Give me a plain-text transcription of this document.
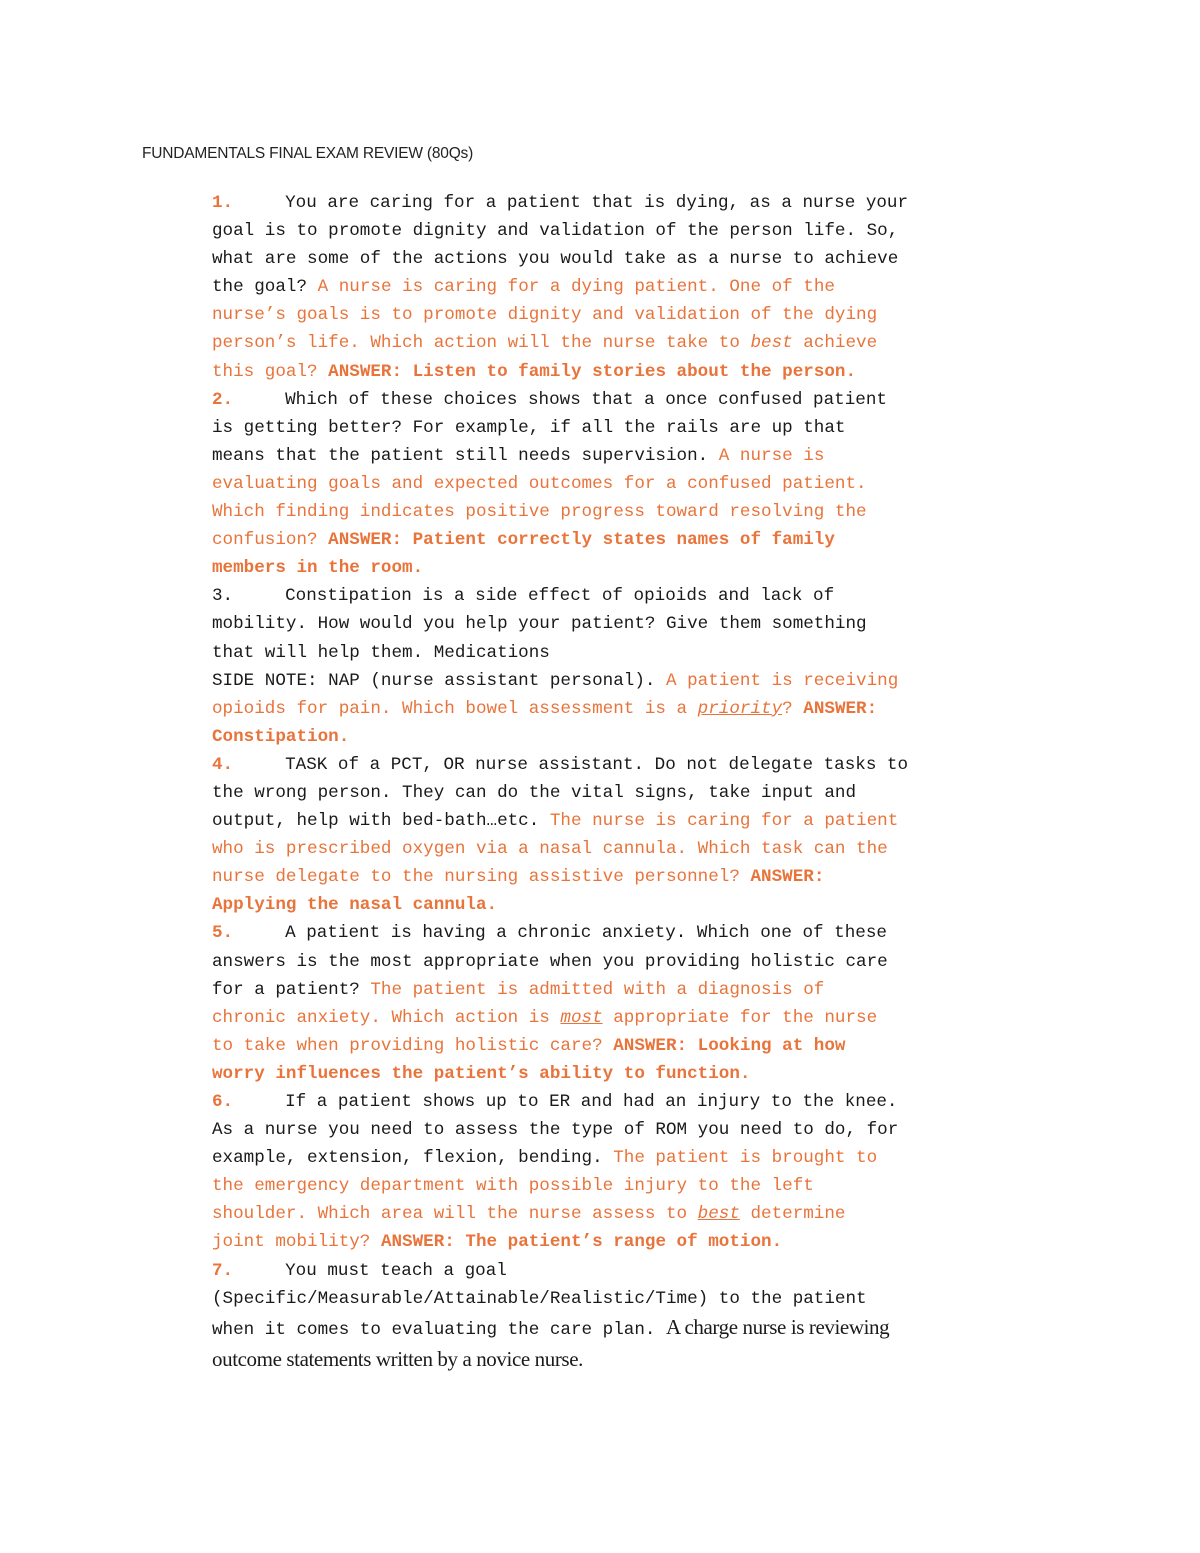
FUNDAMENTALS FINAL EXAM REVIEW (80Qs)
1.	You are caring for a patient that is dying, as a nurse your
goal is to promote dignity and validation of the person life. So,
what are some of the actions you would take as a nurse to achieve
the goal? A nurse is caring for a dying patient. One of the
nurse’s goals is to promote dignity and validation of the dying
person’s life. Which action will the nurse take to best achieve
this goal? ANSWER: Listen to family stories about the person.
2.	Which of these choices shows that a once confused patient
is getting better? For example, if all the rails are up that
means that the patient still needs supervision. A nurse is
evaluating goals and expected outcomes for a confused patient.
Which finding indicates positive progress toward resolving the
confusion? ANSWER: Patient correctly states names of family
members in the room.
3.	Constipation is a side effect of opioids and lack of
mobility. How would you help your patient? Give them something
that will help them. Medications
SIDE NOTE: NAP (nurse assistant personal). A patient is receiving
opioids for pain. Which bowel assessment is a priority? ANSWER:
Constipation.
4.	TASK of a PCT, OR nurse assistant. Do not delegate tasks to
the wrong person. They can do the vital signs, take input and
output, help with bed-bath…etc. The nurse is caring for a patient
who is prescribed oxygen via a nasal cannula. Which task can the
nurse delegate to the nursing assistive personnel? ANSWER:
Applying the nasal cannula.
5.	A patient is having a chronic anxiety. Which one of these
answers is the most appropriate when you providing holistic care
for a patient? The patient is admitted with a diagnosis of
chronic anxiety. Which action is most appropriate for the nurse
to take when providing holistic care? ANSWER: Looking at how
worry influences the patient’s ability to function.
6.	If a patient shows up to ER and had an injury to the knee.
As a nurse you need to assess the type of ROM you need to do, for
example, extension, flexion, bending. The patient is brought to
the emergency department with possible injury to the left
shoulder. Which area will the nurse assess to best determine
joint mobility? ANSWER: The patient’s range of motion.
7.	You must teach a goal
(Specific/Measurable/Attainable/Realistic/Time) to the patient
when it comes to evaluating the care plan. A charge nurse is reviewing
outcome statements written by a novice nurse.
